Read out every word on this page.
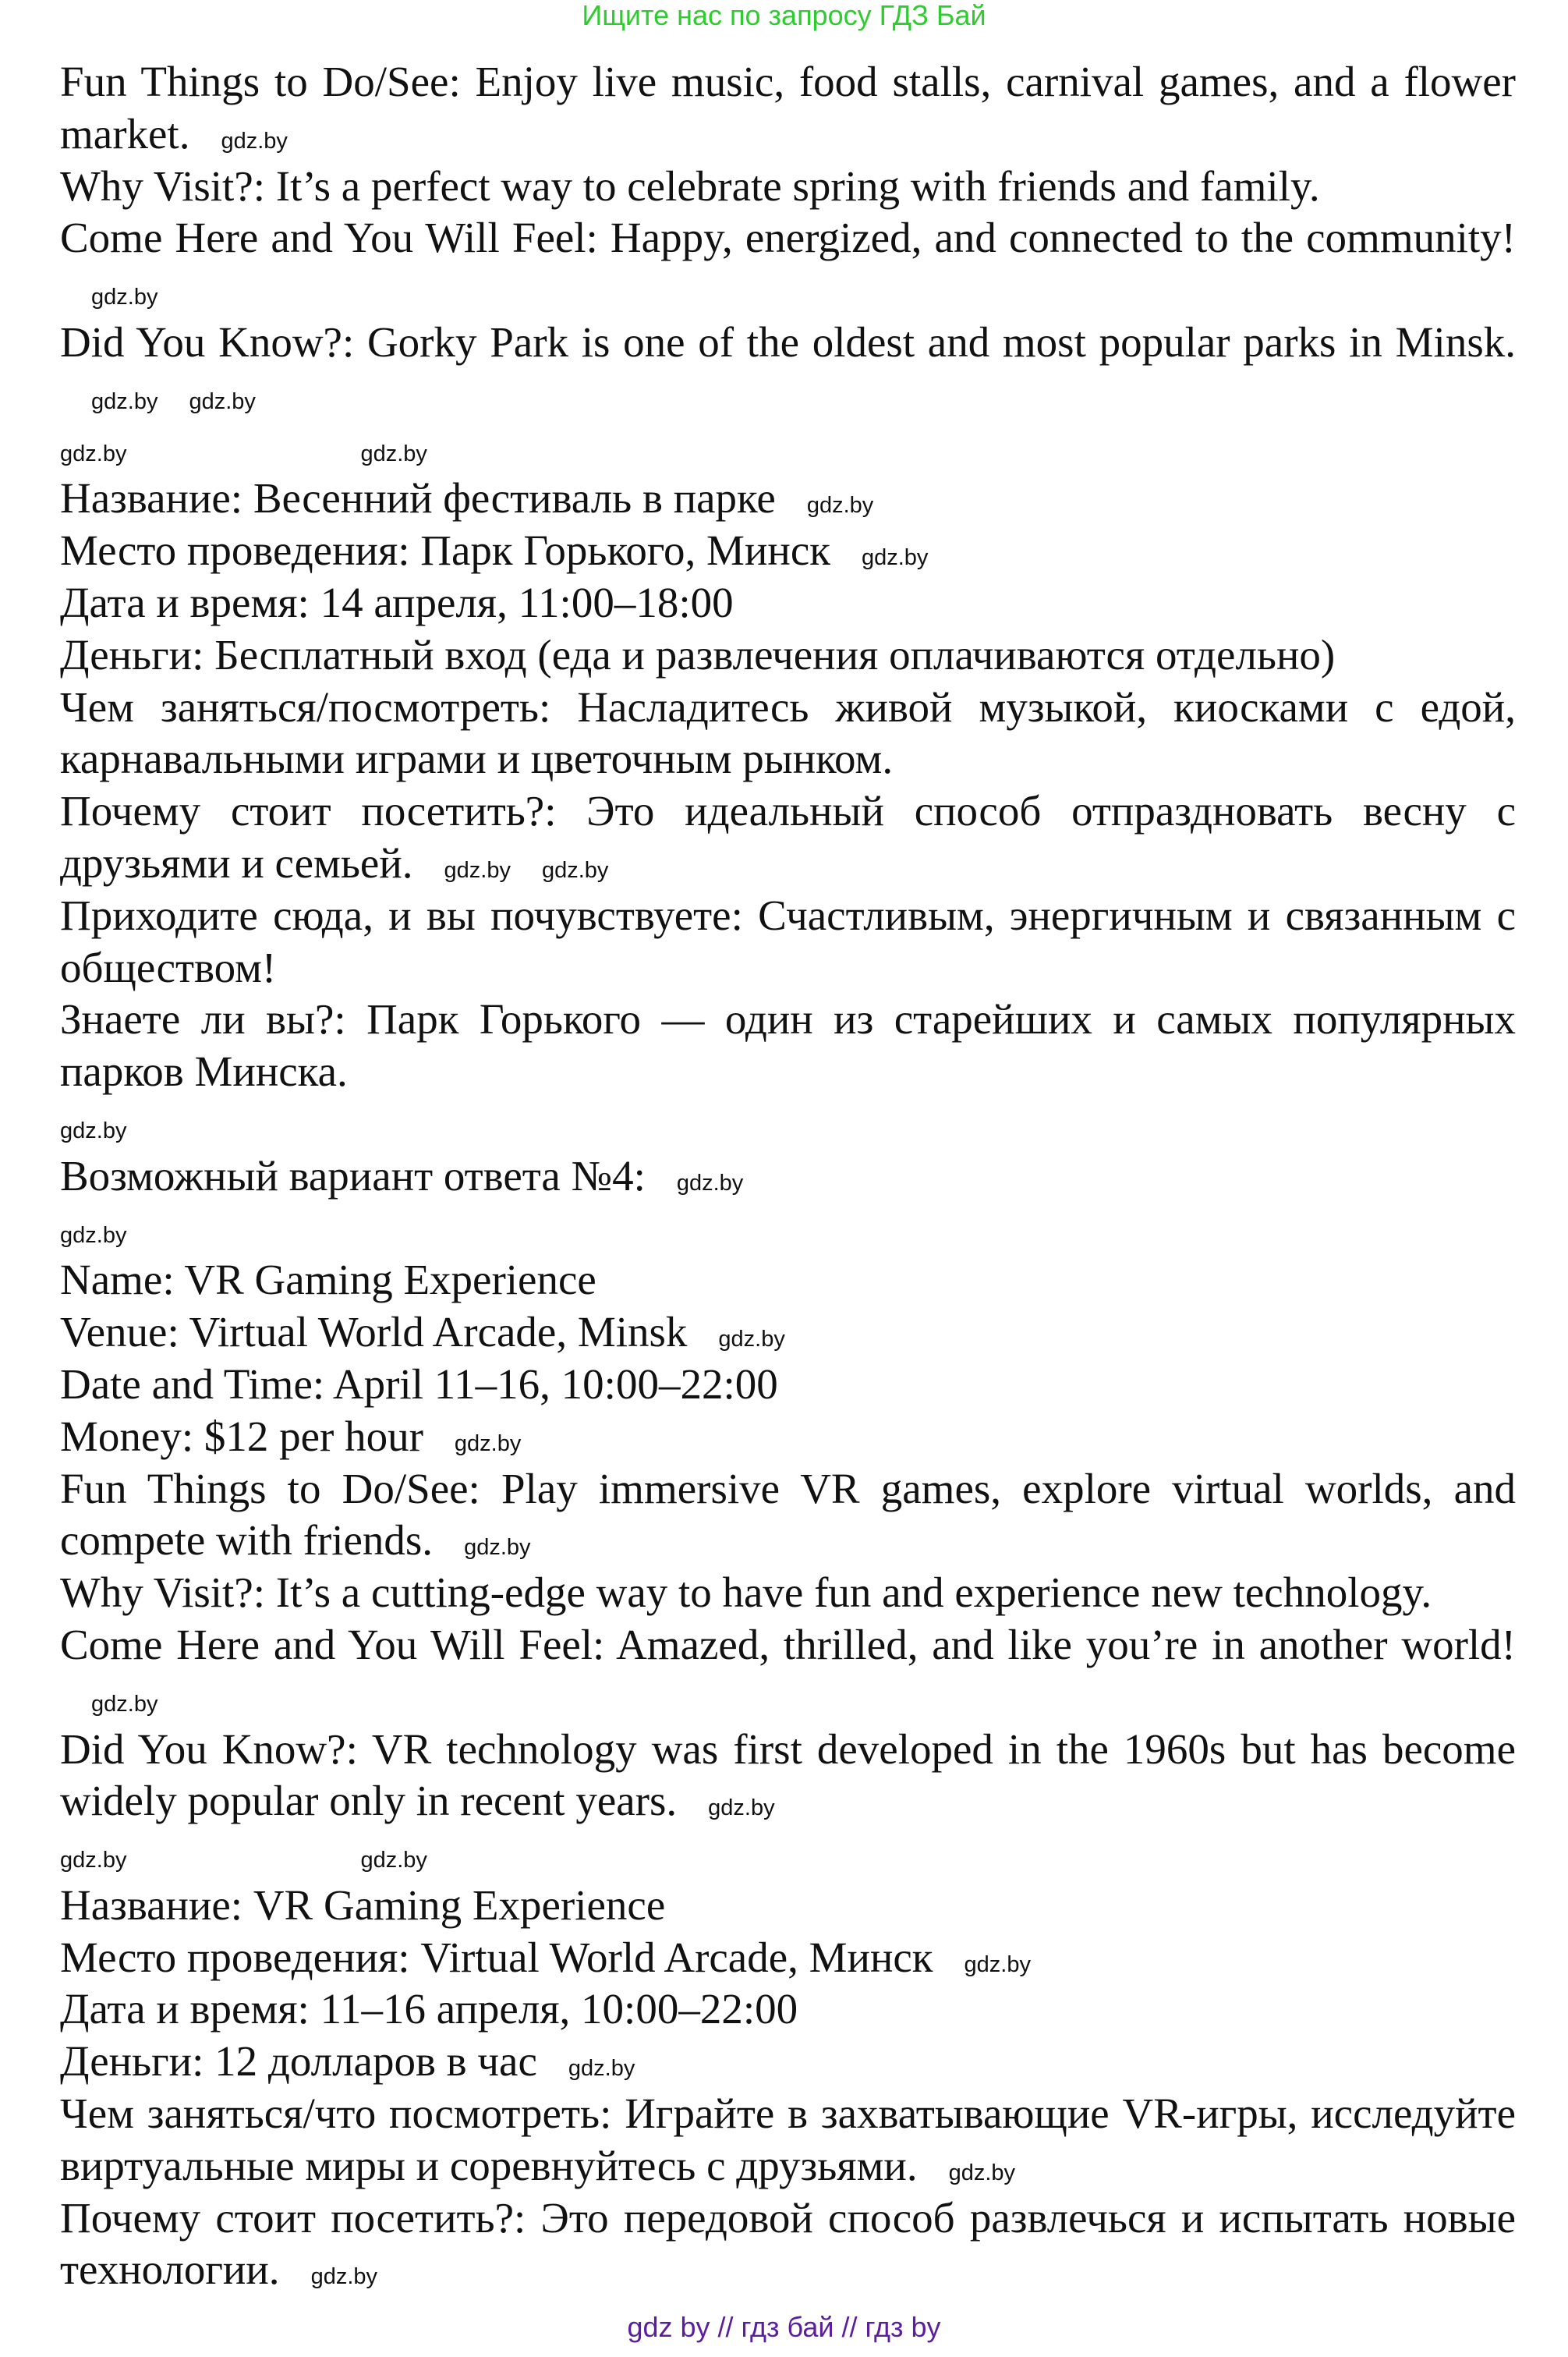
Ищите нас по запросу ГДЗ Бай
Fun Things to Do/See: Enjoy live music, food stalls, carnival games, and a flower market. gdz.by
Why Visit?: It’s a perfect way to celebrate spring with friends and family.
Come Here and You Will Feel: Happy, energized, and connected to the community!gdz.by
Did You Know?: Gorky Park is one of the oldest and most popular parks in Minsk.gdz.by gdz.by
gdz.by	gdz.by
Название: Весенний фестиваль в парке gdz.by
Место проведения: Парк Горького, Минск gdz.by
Дата и время: 14 апреля, 11:00–18:00
Деньги: Бесплатный вход (еда и развлечения оплачиваются отдельно)
Чем заняться/посмотреть: Насладитесь живой музыкой, киосками с едой, карнавальными играми и цветочным рынком.
Почему стоит посетить?: Это идеальный способ отпраздновать весну с друзьями и семьей. gdz.by gdz.by
Приходите сюда, и вы почувствуете: Счастливым, энергичным и связанным с обществом!
Знаете ли вы?: Парк Горького — один из старейших и самых популярных парков Минска.
gdz.by
Возможный вариант ответа №4: gdz.by
gdz.by
Name: VR Gaming Experience
Venue: Virtual World Arcade, Minsk gdz.by
Date and Time: April 11–16, 10:00–22:00
Money: $12 per hour gdz.by
Fun Things to Do/See: Play immersive VR games, explore virtual worlds, and compete with friends. gdz.by
Why Visit?: It’s a cutting-edge way to have fun and experience new technology.
Come Here and You Will Feel: Amazed, thrilled, and like you’re in another world!gdz.by
Did You Know?: VR technology was first developed in the 1960s but has become widely popular only in recent years. gdz.by
gdz.by	gdz.by
Название: VR Gaming Experience
Место проведения: Virtual World Arcade, Минск gdz.by
Дата и время: 11–16 апреля, 10:00–22:00
Деньги: 12 долларов в час gdz.by
Чем заняться/что посмотреть: Играйте в захватывающие VR-игры, исследуйте виртуальные миры и соревнуйтесь с друзьями. gdz.by
Почему стоит посетить?: Это передовой способ развлечься и испытать новые технологии. gdz.by
gdz by // гдз бай // гдз by
